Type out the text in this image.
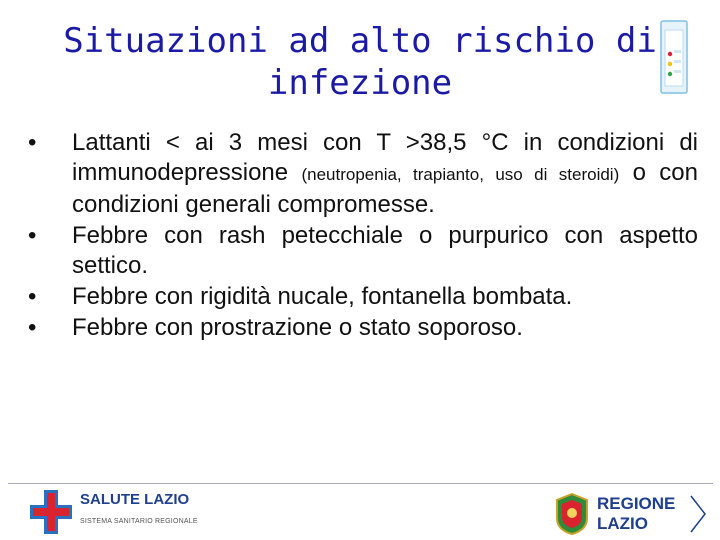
Situazioni ad alto rischio di
infezione
• Lattanti < ai 3 mesi con T >38,5 °C in condizioni di immunodepressione (neutropenia, trapianto, uso di steroidi) o con condizioni generali compromesse.
• Febbre con rash petecchiale o purpurico con aspetto settico.
• Febbre con rigidità nucale, fontanella bombata.
• Febbre con prostrazione o stato soporoso.
SALUTE LAZIO
SISTEMA SANITARIO REGIONALE
REGIONE
LAZIO
